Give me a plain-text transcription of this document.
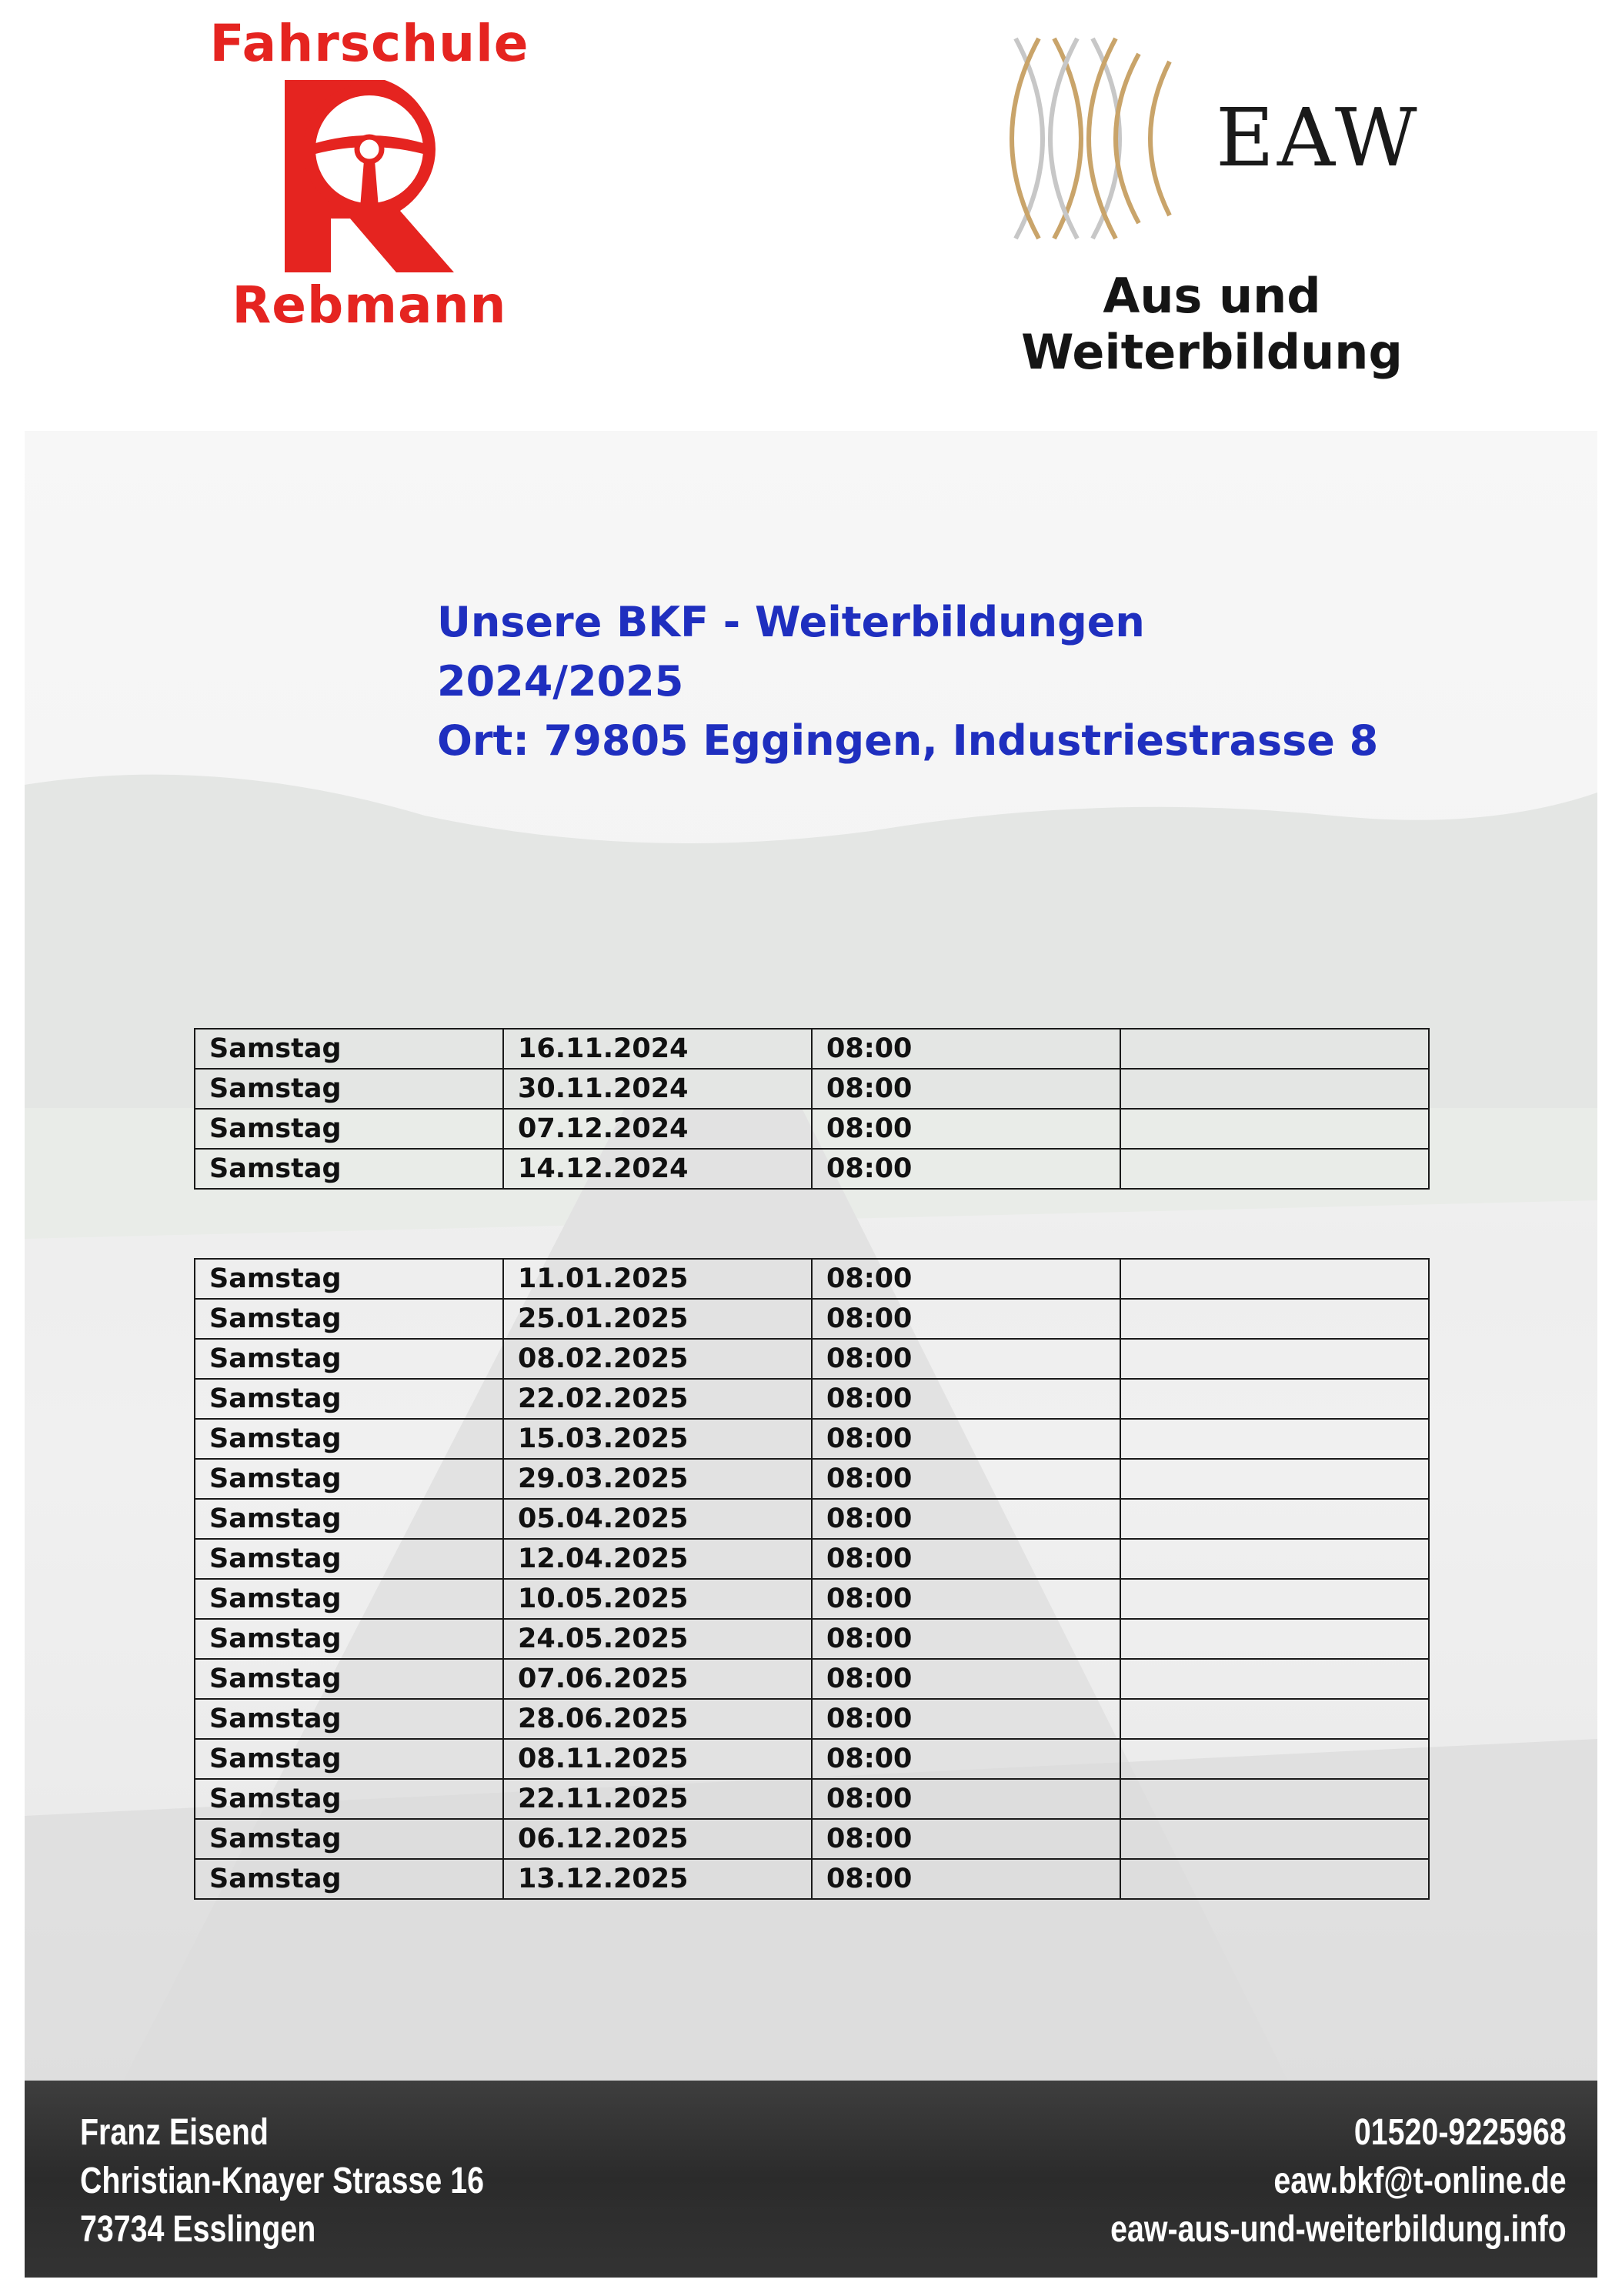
Fahrschule
Rebmann
EAW
Aus und Weiterbildung
Unsere BKF - Weiterbildungen
2024/2025
Ort: 79805 Eggingen, Industriestrasse 8
Samstag	16.11.2024	08:00	
Samstag	30.11.2024	08:00	
Samstag	07.12.2024	08:00	
Samstag	14.12.2024	08:00	
Samstag	11.01.2025	08:00	
Samstag	25.01.2025	08:00	
Samstag	08.02.2025	08:00	
Samstag	22.02.2025	08:00	
Samstag	15.03.2025	08:00	
Samstag	29.03.2025	08:00	
Samstag	05.04.2025	08:00	
Samstag	12.04.2025	08:00	
Samstag	10.05.2025	08:00	
Samstag	24.05.2025	08:00	
Samstag	07.06.2025	08:00	
Samstag	28.06.2025	08:00	
Samstag	08.11.2025	08:00	
Samstag	22.11.2025	08:00	
Samstag	06.12.2025	08:00	
Samstag	13.12.2025	08:00	
Franz Eisend
Christian-Knayer Strasse 16
73734 Esslingen
01520-9225968
eaw.bkf@t-online.de
eaw-aus-und-weiterbildung.info
